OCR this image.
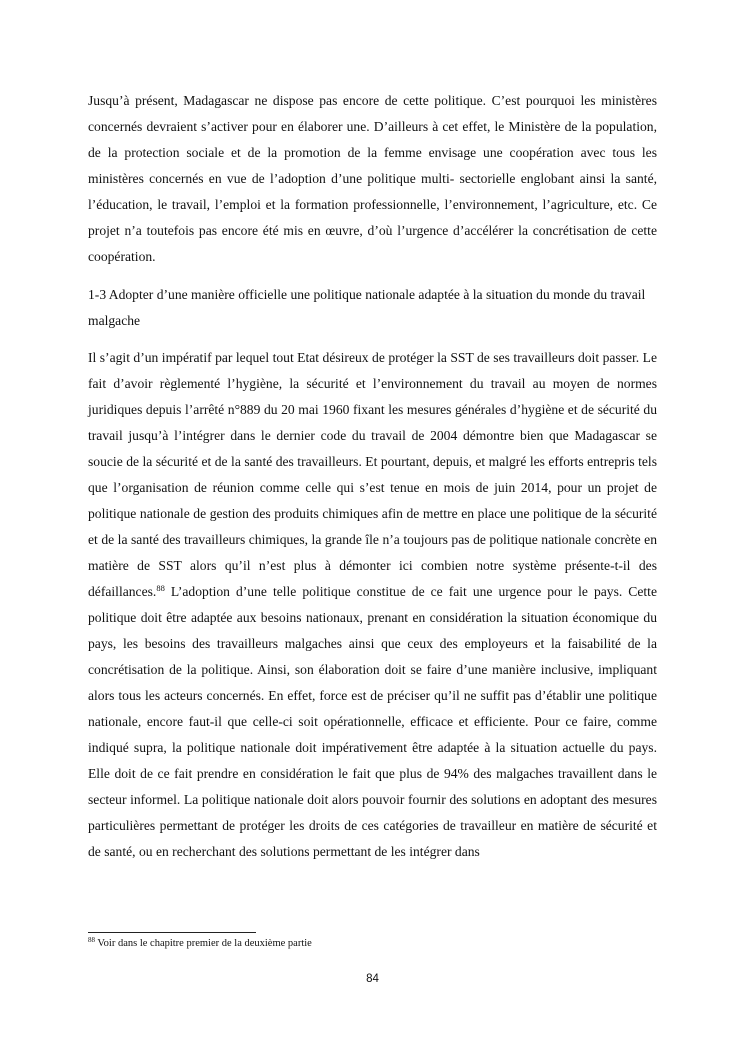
Jusqu’à présent, Madagascar ne dispose pas encore de cette politique. C’est pourquoi les ministères concernés devraient s’activer pour en élaborer une. D’ailleurs à cet effet, le Ministère de la population, de la protection sociale et de la promotion de la femme envisage une coopération avec tous les ministères concernés en vue de l’adoption d’une politique multi- sectorielle englobant ainsi la santé, l’éducation, le travail, l’emploi et la formation professionnelle, l’environnement, l’agriculture, etc. Ce projet n’a toutefois pas encore été mis en œuvre, d’où l’urgence d’accélérer la concrétisation de cette coopération.

1-3 Adopter d’une manière officielle une politique nationale adaptée à la situation du monde du travail malgache

Il s’agit d’un impératif par lequel tout Etat désireux de protéger la SST de ses travailleurs doit passer. Le fait d’avoir règlementé l’hygiène, la sécurité et l’environnement du travail au moyen de normes juridiques depuis l’arrêté n°889 du 20 mai 1960 fixant les mesures générales d’hygiène et de sécurité du travail jusqu’à l’intégrer dans le dernier code du travail de 2004 démontre bien que Madagascar se soucie de la sécurité et de la santé des travailleurs. Et pourtant, depuis, et malgré les efforts entrepris tels que l’organisation de réunion comme celle qui s’est tenue en mois de juin 2014, pour un projet de politique nationale de gestion des produits chimiques afin de mettre en place une politique de la sécurité et de la santé des travailleurs chimiques, la grande île n’a toujours pas de politique nationale concrète en matière de SST alors qu’il n’est plus à démonter ici combien notre système présente-t-il des défaillances.$^{88}$ L’adoption d’une telle politique constitue de ce fait une urgence pour le pays. Cette politique doit être adaptée aux besoins nationaux, prenant en considération la situation économique du pays, les besoins des travailleurs malgaches ainsi que ceux des employeurs et la faisabilité de la concrétisation de la politique. Ainsi, son élaboration doit se faire d’une manière inclusive, impliquant alors tous les acteurs concernés. En effet, force est de préciser qu’il ne suffit pas d’établir une politique nationale, encore faut-il que celle-ci soit opérationnelle, efficace et efficiente. Pour ce faire, comme indiqué supra, la politique nationale doit impérativement être adaptée à la situation actuelle du pays. Elle doit de ce fait prendre en considération le fait que plus de 94% des malgaches travaillent dans le secteur informel. La politique nationale doit alors pouvoir fournir des solutions en adoptant des mesures particulières permettant de protéger les droits de ces catégories de travailleur en matière de sécurité et de santé, ou en recherchant des solutions permettant de les intégrer dans

$^{88}$ Voir dans le chapitre premier de la deuxième partie
84
